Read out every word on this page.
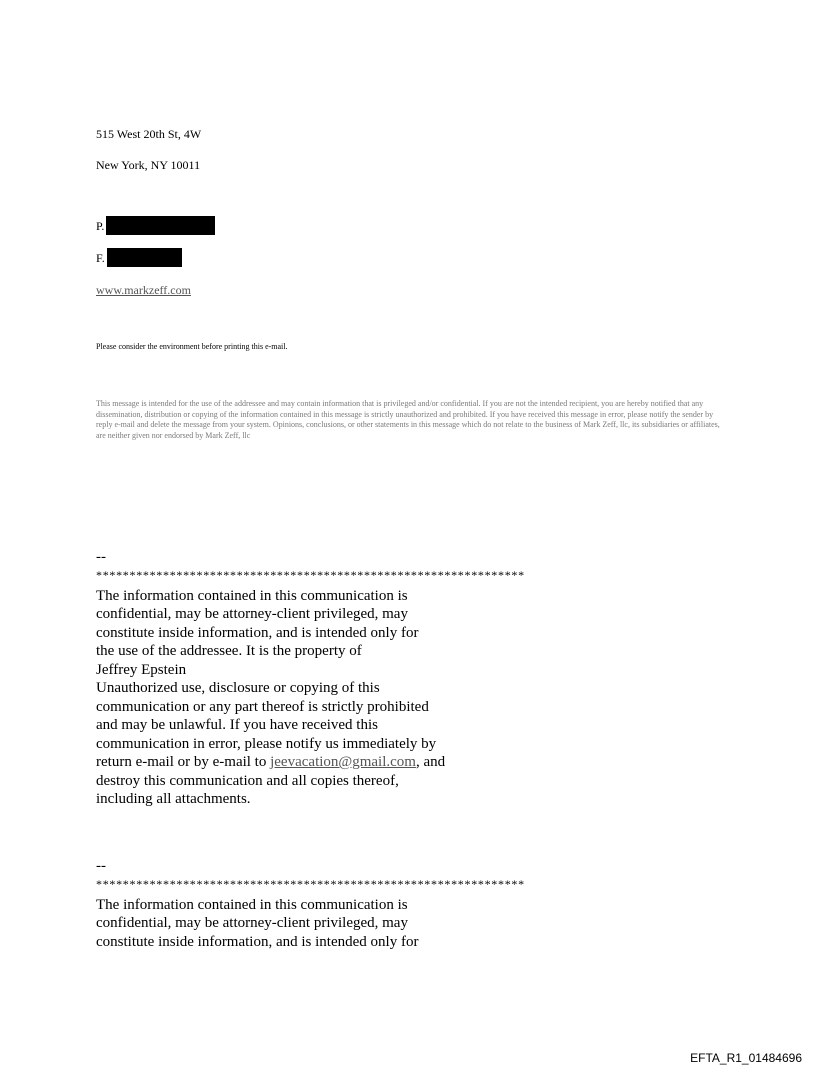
515 West 20th St, 4W
New York, NY 10011
P.
F.
www.markzeff.com
Please consider the environment before printing this e-mail.
This message is intended for the use of the addressee and may contain information that is privileged and/or confidential. If you are not the intended recipient, you are hereby notified that any dissemination, distribution or copying of the information contained in this message is strictly unauthorized and prohibited. If you have received this message in error, please notify the sender by reply e-mail and delete the message from your system. Opinions, conclusions, or other statements in this message which do not relate to the business of Mark Zeff, llc, its subsidiaries or affiliates, are neither given nor endorsed by Mark Zeff, llc
--
****************************************************************
The information contained in this communication is
confidential, may be attorney-client privileged, may
constitute inside information, and is intended only for
the use of the addressee. It is the property of
Jeffrey Epstein
Unauthorized use, disclosure or copying of this
communication or any part thereof is strictly prohibited
and may be unlawful. If you have received this
communication in error, please notify us immediately by
return e-mail or by e-mail to jeevacation@gmail.com, and
destroy this communication and all copies thereof,
including all attachments.
--
****************************************************************
The information contained in this communication is
confidential, may be attorney-client privileged, may
constitute inside information, and is intended only for
EFTA_R1_01484696
